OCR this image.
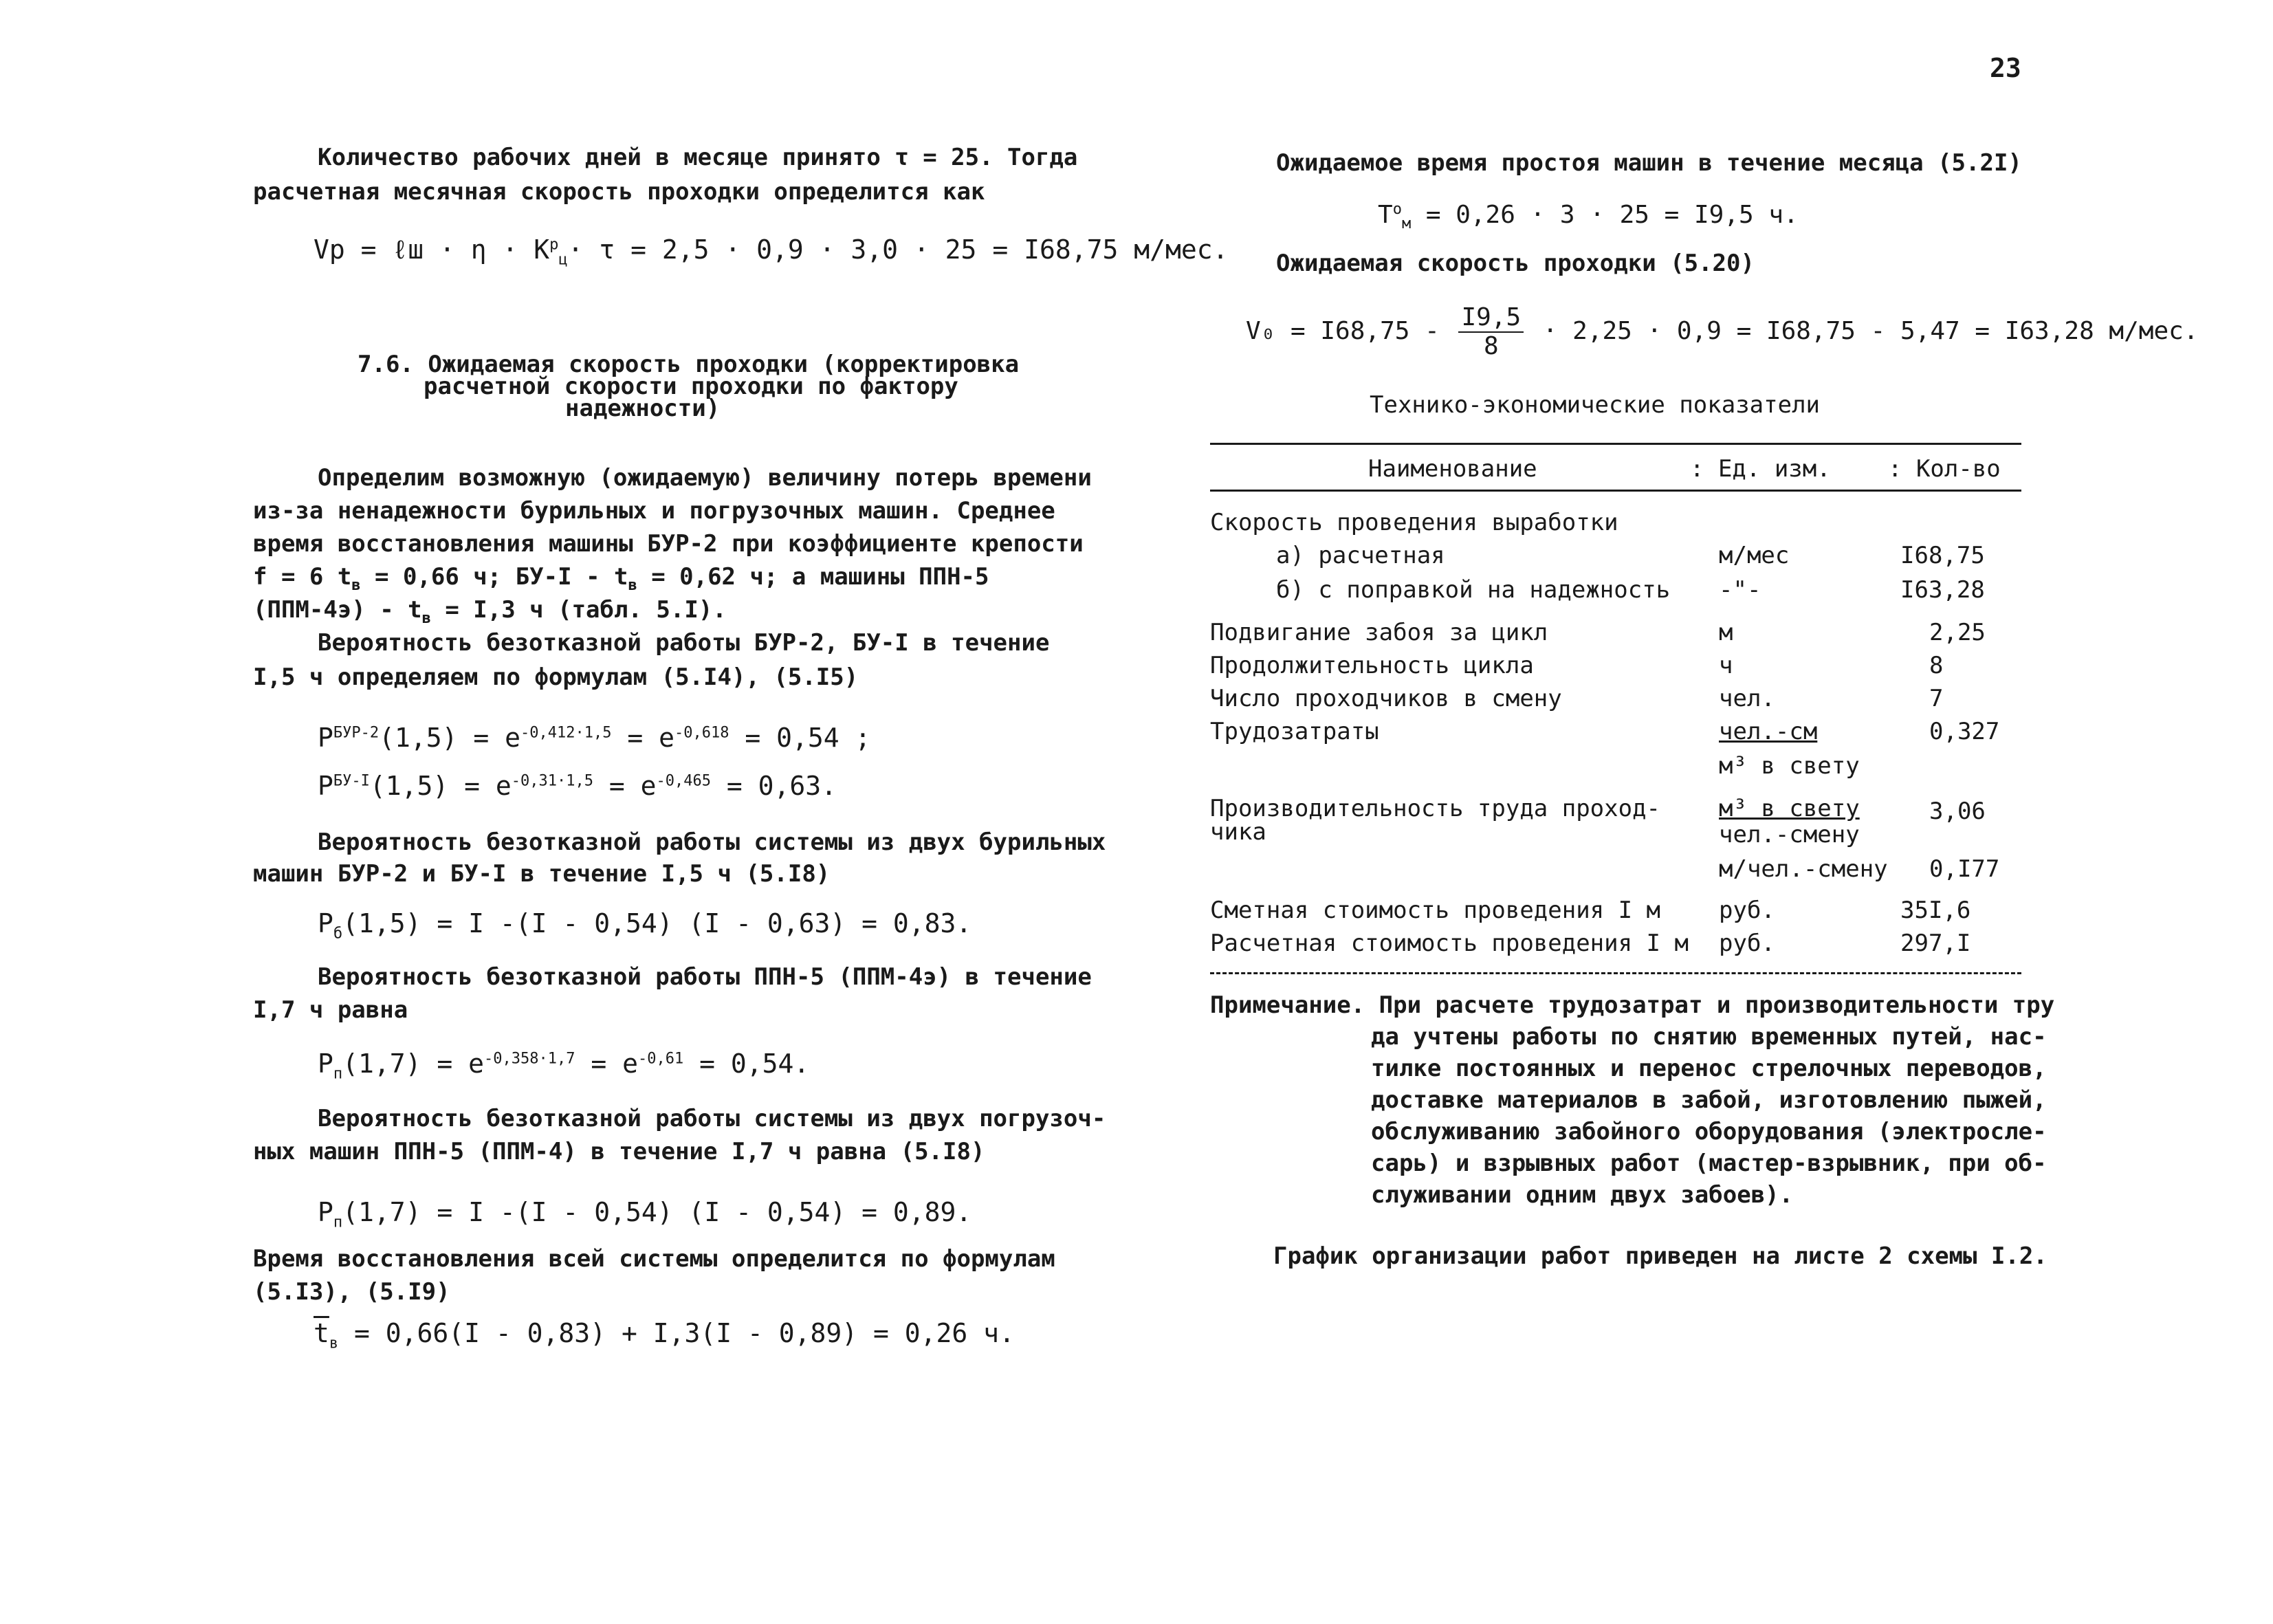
23
Количество рабочих дней в месяце принято τ = 25. Тогда
расчетная месячная скорость проходки определится как
Vр = ℓш · $\eta \cdot K^р_ц\cdot \tau = 2,5 \cdot 0,9 \cdot 3,0 \cdot 25 = I68,75$ м/мес.
7.6. Ожидаемая скорость проходки (корректировка
расчетной скорости проходки по фактору
надежности)
Определим возможную (ожидаемую) величину потерь времени
из-за ненадежности бурильных и погрузочных машин. Среднее
время восстановления машины БУР-2 при коэффициенте крепости
f = 6 $t_в = 0,66$ ч; $БУ-I - t_в = 0,62$ ч; а машины ППН-5
$(ППМ-4э) - t_в = I,3$ ч (табл. 5.I).
Вероятность безотказной работы БУР-2, БУ-I в течение
I,5 ч определяем по формулам (5.I4), (5.I5)
$P^{БУР-2}(1,5) = e^{-0,412\cdot 1,5} = e^{-0,618} = 0,54$ ;
$P^{БУ-I}(1,5) = e^{-0,31\cdot 1,5} = e^{-0,465} = 0,63$.
Вероятность безотказной работы системы из двух бурильных
машин БУР-2 и БУ-I в течение I,5 ч (5.I8)
$P_б(1,5) = I$ -(I - 0,54) (I - 0,63) = 0,83.
Вероятность безотказной работы ППН-5 (ППМ-4э) в течение
I,7 ч равна
$P_п(1,7) = e^{-0,358\cdot 1,7} = e^{-0,61} = 0,54$.
Вероятность безотказной работы системы из двух погрузоч-
ных машин ППН-5 (ППМ-4) в течение I,7 ч равна (5.I8)
$P_п(1,7) = I$ -(I - 0,54) (I - 0,54) = 0,89.
Время восстановления всей системы определится по формулам
(5.I3), (5.I9)
$\overline{t}_в = 0,66(I - 0,83) + I,3(I - 0,89) = 0,26$ ч.
Ожидаемое время простоя машин в течение месяца (5.2I)
$T^о_м = 0,26 \cdot 3 \cdot 25 = I9,5$ ч.
Ожидаемая скорость проходки (5.20)
$V_0 = I68,75 - \frac{I9,5}{8} \cdot 2,25 \cdot 0,9 = I68,75 - 5,47 = I63,28$ м/мес.
Технико-экономические показатели
Наименование	: Ед. изм. : Кол-во
Скорость проведения выработки
а) расчетная	м/мес	I68,75
б) с поправкой на надежность -"-	I63,28
Подвигание забоя за цикл	м	2,25
Продолжительность цикла	ч	8
Число проходчиков в смену	чел.	7
Трудозатраты	чел.-см	0,327
м³ в свету
Производительность труда проход- м³ в свету	3,06
чика	чел.-смену
м/чел.-смену 0,I77
Сметная стоимость проведения I м руб.	35I,6
Расчетная стоимость проведения I м руб.	297,I
Примечание. При расчете трудозатрат и производительности тру
да учтены работы по снятию временных путей, нас-
тилке постоянных и перенос стрелочных переводов,
доставке материалов в забой, изготовлению пыжей,
обслуживанию забойного оборудования (электросле-
сарь) и взрывных работ (мастер-взрывник, при об-
служивании одним двух забоев).
График организации работ приведен на листе 2 схемы I.2.
